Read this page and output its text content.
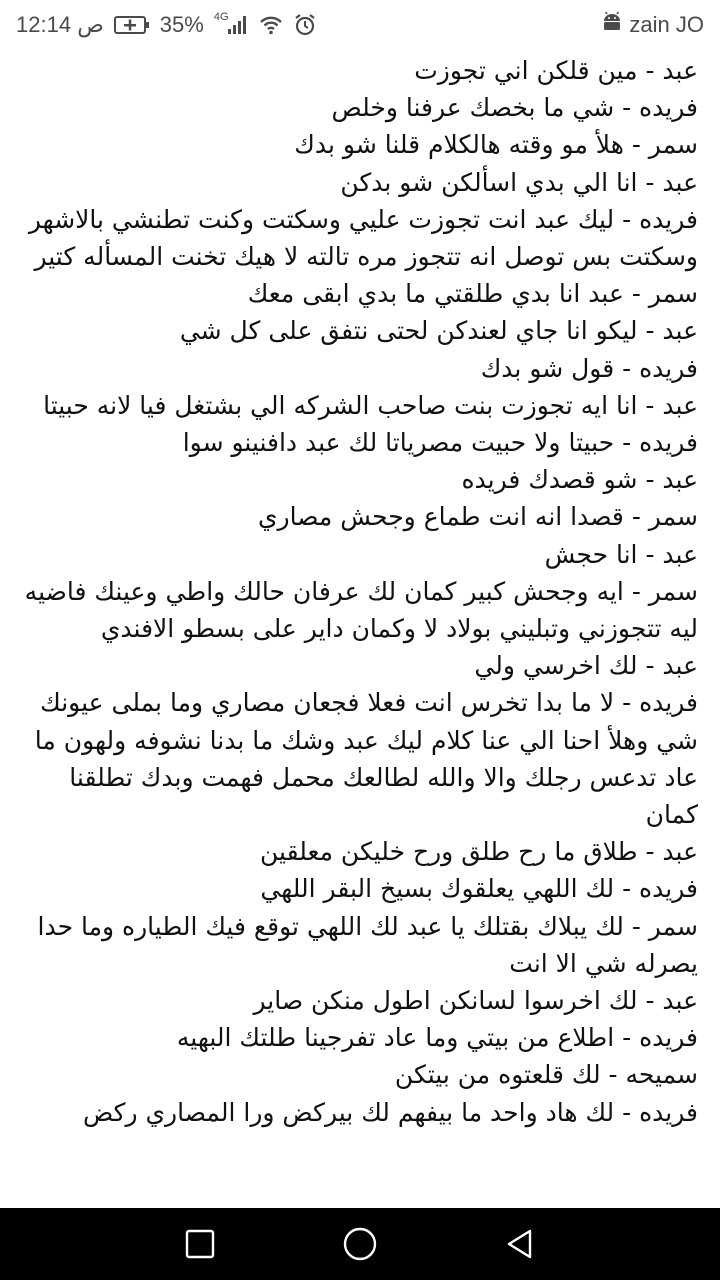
12:14 ص	35% 4G	zain JO
عبد - مين قلكن اني تجوزت
فريده - شي ما بخصك عرفنا وخلص
سمر - هلأ مو وقته هالكلام قلنا شو بدك
عبد - انا الي بدي اسألكن شو بدكن
فريده - ليك عبد انت تجوزت عليي وسكتت وكنت تطنشي بالاشهر وسكتت بس توصل انه تتجوز مره تالته لا هيك تخنت المسأله كتير
سمر - عبد انا بدي طلقتي ما بدي ابقى معك
عبد - ليكو انا جاي لعندكن لحتى نتفق على كل شي
فريده - قول شو بدك
عبد - انا ايه تجوزت بنت صاحب الشركه الي بشتغل فيا لانه حبيتا
فريده - حبيتا ولا حبيت مصرياتا لك عبد دافنينو سوا
عبد - شو قصدك فريده
سمر - قصدا انه انت طماع وجحش مصاري
عبد - انا حجش
سمر - ايه وجحش كبير كمان لك عرفان حالك واطي وعينك فاضيه ليه تتجوزني وتبليني بولاد لا وكمان داير على بسطو الافندي
عبد - لك اخرسي ولي
فريده - لا ما بدا تخرس انت فعلا فجعان مصاري وما بملى عيونك شي وهلأ احنا الي عنا كلام ليك عبد وشك ما بدنا نشوفه ولهون ما عاد تدعس رجلك والا والله لطالعك محمل فهمت وبدك تطلقنا كمان
عبد - طلاق ما رح طلق ورح خليكن معلقين
فريده - لك اللهي يعلقوك بسيخ البقر اللهي
سمر - لك يبلاك بقتلك يا عبد لك اللهي توقع فيك الطياره وما حدا يصرله شي الا انت
عبد - لك اخرسوا لسانكن اطول منكن صاير
فريده - اطلاع من بيتي وما عاد تفرجينا طلتك البهيه
سميحه - لك قلعتوه من بيتكن
فريده - لك هاد واحد ما بيفهم لك بيركض ورا المصاري ركض
